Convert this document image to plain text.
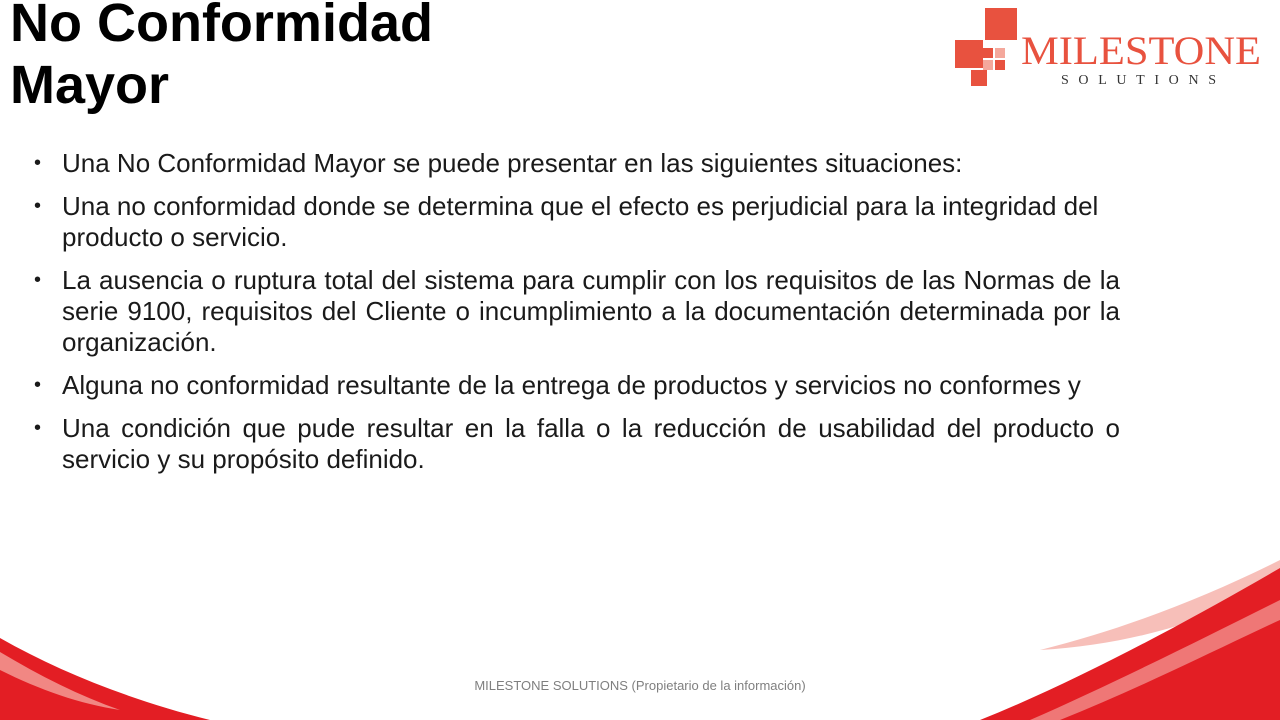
No Conformidad
Mayor
MILESTONE
SOLUTIONS
• Una No Conformidad Mayor se puede presentar en las siguientes situaciones:
• Una no conformidad donde se determina que el efecto es perjudicial para la integridad del producto o servicio.
• La ausencia o ruptura total del sistema para cumplir con los requisitos de las Normas de la serie 9100, requisitos del Cliente o incumplimiento a la documentación determinada por la organización.
• Alguna no conformidad resultante de la entrega de productos y servicios no conformes y
• Una condición que pude resultar en la falla o la reducción de usabilidad del producto o servicio y su propósito definido.
MILESTONE SOLUTIONS (Propietario de la información)
